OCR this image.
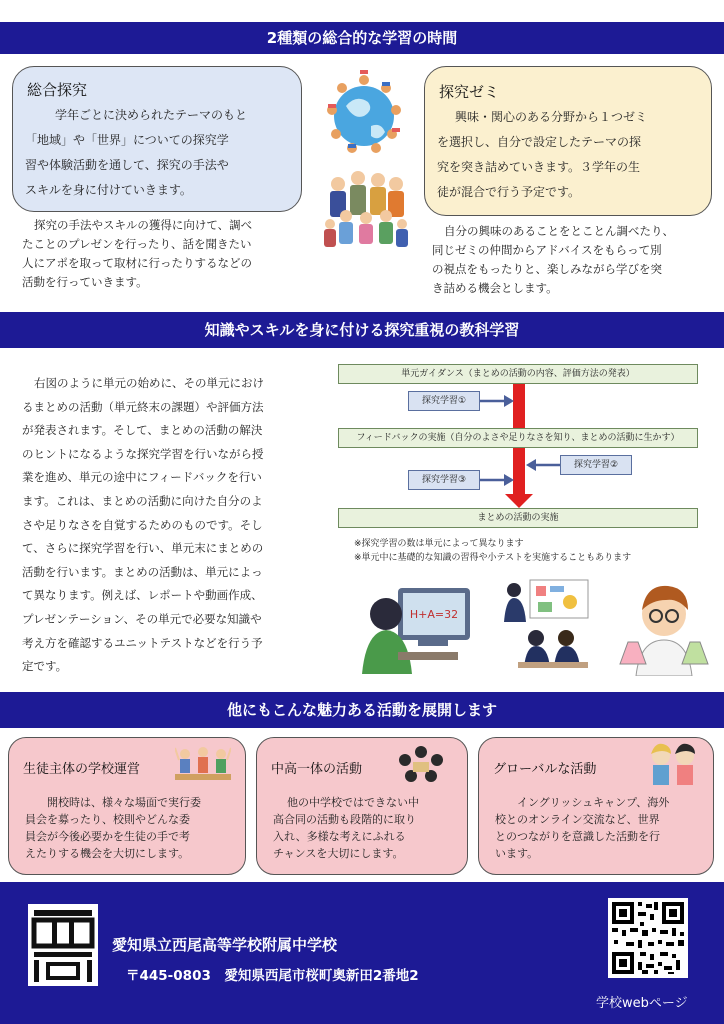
2種類の総合的な学習の時間
総合探究
学年ごとに決められたテーマのもと
「地域」や「世界」についての探究学
習や体験活動を通して、探究の手法や
スキルを身に付けていきます。
探究の手法やスキルの獲得に向けて、調べ
たことのプレゼンを行ったり、話を聞きたい
人にアポを取って取材に行ったりするなどの
活動を行っていきます。
探究ゼミ
興味・関心のある分野から１つゼミ
を選択し、自分で設定したテーマの探
究を突き詰めていきます。３学年の生
徒が混合で行う予定です。
自分の興味のあることをとことん調べたり、
同じゼミの仲間からアドバイスをもらって別
の視点をもったりと、楽しみながら学びを突
き詰める機会とします。
知識やスキルを身に付ける探究重視の教科学習
右図のように単元の始めに、その単元におけ
るまとめの活動（単元終末の課題）や評価方法
が発表されます。そして、まとめの活動の解決
のヒントになるような探究学習を行いながら授
業を進め、単元の途中にフィードバックを行い
ます。これは、まとめの活動に向けた自分のよ
さや足りなさを自覚するためのものです。そし
て、さらに探究学習を行い、単元末にまとめの
活動を行います。まとめの活動は、単元によっ
て異なります。例えば、レポートや動画作成、
プレゼンテーション、その単元で必要な知識や
考え方を確認するユニットテストなどを行う予
定です。
単元ガイダンス（まとめの活動の内容、評価方法の発表）
探究学習①
フィードバックの実施（自分のよさや足りなさを知り、まとめの活動に生かす）
探究学習②
探究学習③
まとめの活動の実施
※探究学習の数は単元によって異なります
※単元中に基礎的な知識の習得や小テストを実施することもあります
H+A=32
他にもこんな魅力ある活動を展開します
生徒主体の学校運営
開校時は、様々な場面で実行委
員会を募ったり、校則やどんな委
員会が今後必要かを生徒の手で考
えたりする機会を大切にします。
中高一体の活動
他の中学校ではできない中
高合同の活動も段階的に取り
入れ、多様な考えにふれる
チャンスを大切にします。
グローバルな活動
イングリッシュキャンプ、海外
校とのオンライン交流など、世界
とのつながりを意識した活動を行
います。
愛知県立西尾高等学校附属中学校
〒445-0803　愛知県西尾市桜町奥新田2番地2
学校webページ
